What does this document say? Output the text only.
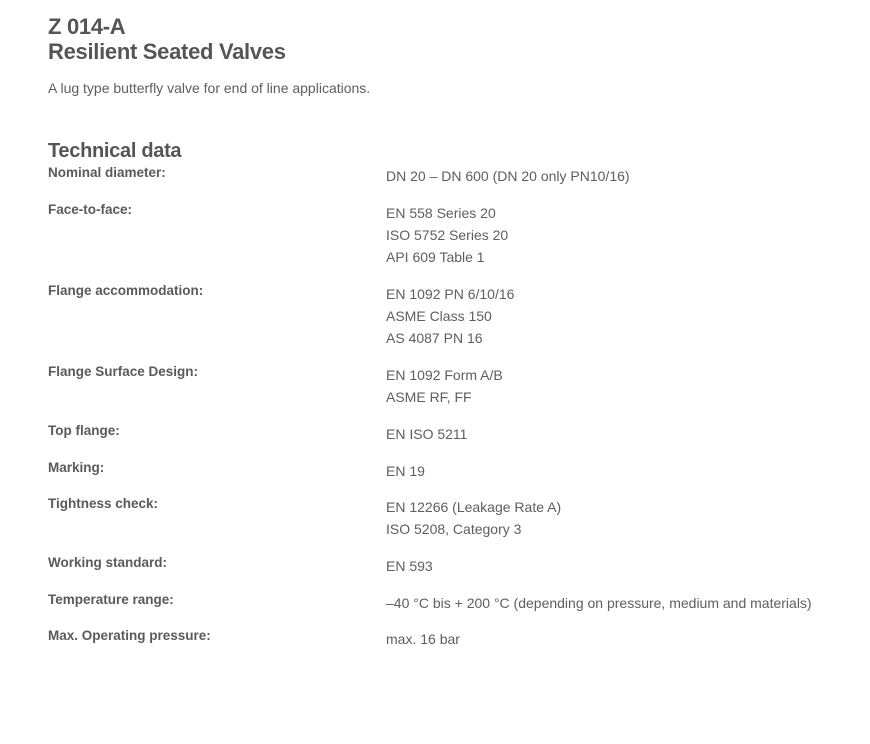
Z 014-A
Resilient Seated Valves

A lug type butterfly valve for end of line applications.

Technical data
Nominal diameter:	DN 20 – DN 600 (DN 20 only PN10/16)
Face-to-face:	EN 558 Series 20
ISO 5752 Series 20
API 609 Table 1
Flange accommodation:	EN 1092 PN 6/10/16
ASME Class 150
AS 4087 PN 16
Flange Surface Design:	EN 1092 Form A/B
ASME RF, FF
Top flange:	EN ISO 5211
Marking:	EN 19
Tightness check:	EN 12266 (Leakage Rate A)
ISO 5208, Category 3
Working standard:	EN 593
Temperature range:	–40 °C bis + 200 °C (depending on pressure, medium and materials)
Max. Operating pressure:	max. 16 bar
